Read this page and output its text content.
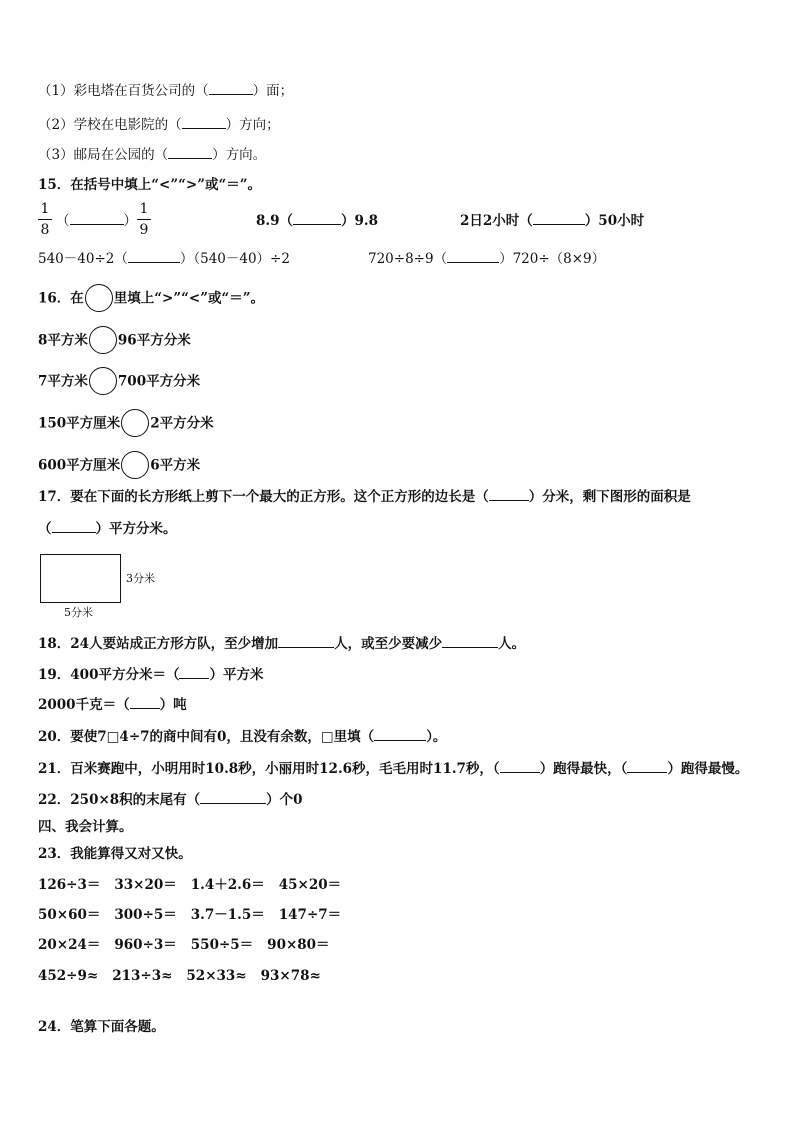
（1）彩电塔在百货公司的（	）面；
（2）学校在电影院的（	）方向；
（3）邮局在公园的（	）方向。
15．在括号中填上“<”“>”或“＝”。
1
8
（	）
1
9
8.9（	）9.8	2日2小时（	）50小时
540－40÷2（	）（540－40）÷2	720÷8÷9（	）720÷（8×9）
16．在 里填上“>”“<”或“＝”。
8平方米 96平方分米
7平方米 700平方分米
150平方厘米 2平方分米
600平方厘米 6平方米
17．要在下面的长方形纸上剪下一个最大的正方形。这个正方形的边长是（	）分米，剩下图形的面积是
（	）平方分米。
3分米
5分米
18．24人要站成正方形方队，至少增加	人，或至少要减少	人。
19．400平方分米＝（ ）平方米
2000千克＝（ ）吨
20．要使7□4÷7的商中间有0，且没有余数，□里填（	）。
21．百米赛跑中，小明用时10.8秒，小丽用时12.6秒，毛毛用时11.7秒，（	）跑得最快，（	）跑得最慢。
22．250×8积的末尾有（	）个0
四、我会计算。
23．我能算得又对又快。
126÷3＝ 33×20＝ 1.4＋2.6＝ 45×20＝
50×60＝ 300÷5＝ 3.7－1.5＝ 147÷7＝
20×24＝ 960÷3＝ 550÷5＝ 90×80＝
452÷9≈ 213÷3≈ 52×33≈ 93×78≈
24．笔算下面各题。
